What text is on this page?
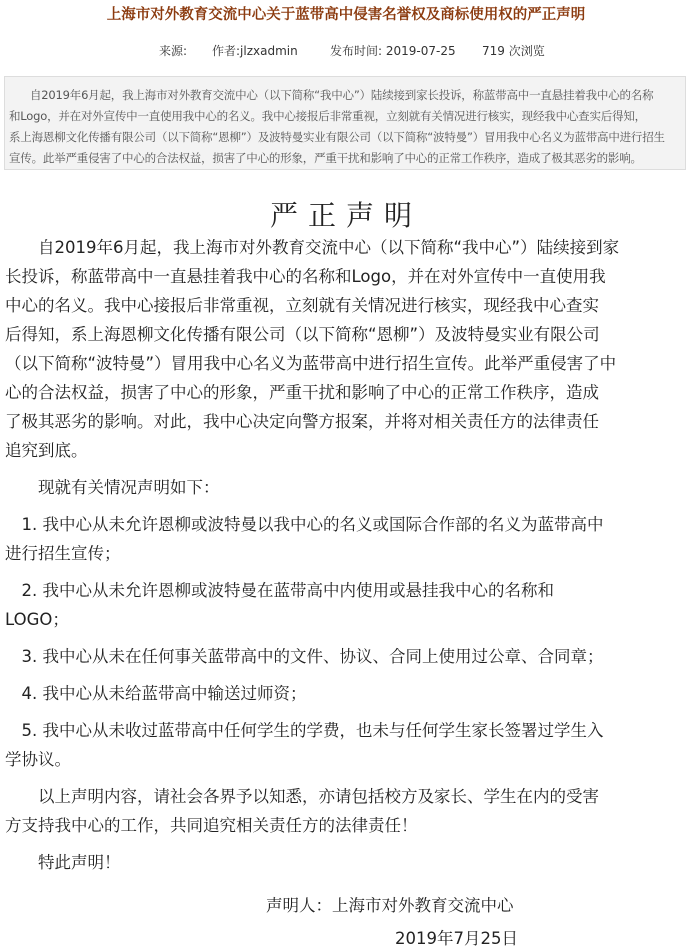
上海市对外教育交流中心关于蓝带高中侵害名誉权及商标使用权的严正声明
来源: 作者:jlzxadmin	发布时间: 2019-07-25 719 次浏览
自2019年6月起，我上海市对外教育交流中心（以下简称“我中心”）陆续接到家长投诉，称蓝带高中一直悬挂着我中心的名称
和Logo，并在对外宣传中一直使用我中心的名义。我中心接报后非常重视，立刻就有关情况进行核实，现经我中心查实后得知，
系上海恩柳文化传播有限公司（以下简称“恩柳”）及波特曼实业有限公司（以下简称“波特曼”）冒用我中心名义为蓝带高中进行招生
宣传。此举严重侵害了中心的合法权益，损害了中心的形象，严重干扰和影响了中心的正常工作秩序，造成了极其恶劣的影响。
严正声明
　　自2019年6月起，我上海市对外教育交流中心（以下简称“我中心”）陆续接到家
长投诉，称蓝带高中一直悬挂着我中心的名称和Logo，并在对外宣传中一直使用我
中心的名义。我中心接报后非常重视，立刻就有关情况进行核实，现经我中心查实
后得知，系上海恩柳文化传播有限公司（以下简称“恩柳”）及波特曼实业有限公司
（以下简称“波特曼”）冒用我中心名义为蓝带高中进行招生宣传。此举严重侵害了中
心的合法权益，损害了中心的形象，严重干扰和影响了中心的正常工作秩序，造成
了极其恶劣的影响。对此，我中心决定向警方报案，并将对相关责任方的法律责任
追究到底。
　　现就有关情况声明如下：
　1. 我中心从未允许恩柳或波特曼以我中心的名义或国际合作部的名义为蓝带高中
进行招生宣传；
　2. 我中心从未允许恩柳或波特曼在蓝带高中内使用或悬挂我中心的名称和
LOGO；
　3. 我中心从未在任何事关蓝带高中的文件、协议、合同上使用过公章、合同章；
　4. 我中心从未给蓝带高中输送过师资；
　5. 我中心从未收过蓝带高中任何学生的学费，也未与任何学生家长签署过学生入
学协议。
　　以上声明内容，请社会各界予以知悉，亦请包括校方及家长、学生在内的受害
方支持我中心的工作，共同追究相关责任方的法律责任！
　　特此声明！
声明人：上海市对外教育交流中心
2019年7月25日
